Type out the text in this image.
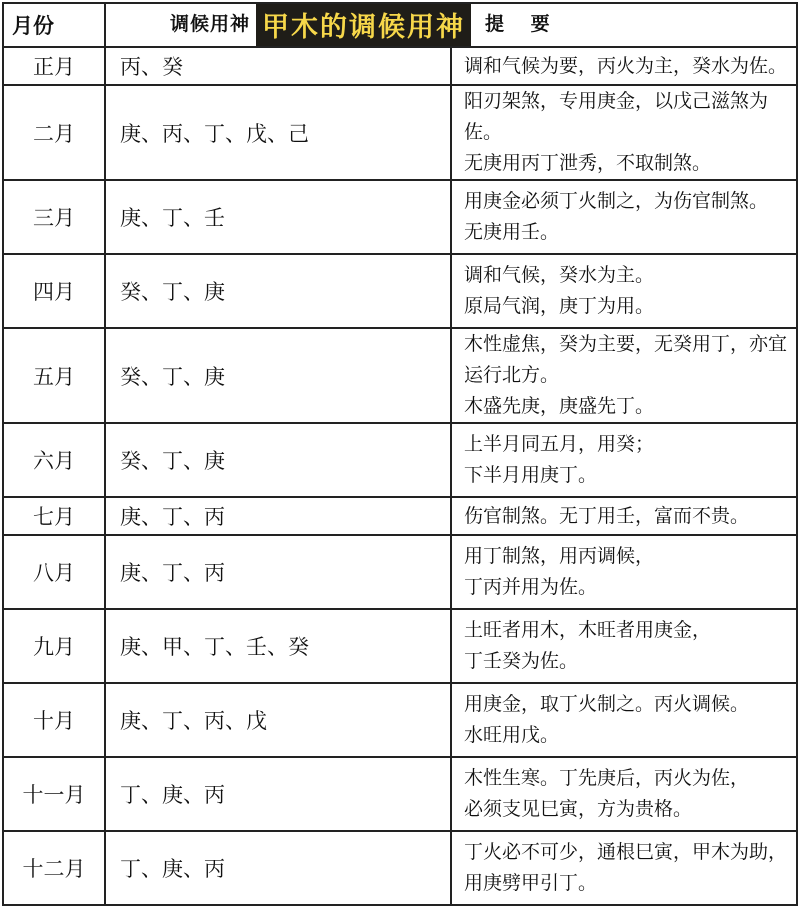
月份	调候用神 甲木的调候用神 提 要	
正月	丙、癸	调和气候为要，丙火为主，癸水为佐。

二月	庚、丙、丁、戊、己	阳刃架煞，专用庚金，以戊己滋煞为佐。
无庚用丙丁泄秀，不取制煞。

三月	庚、丁、壬	用庚金必须丁火制之，为伤官制煞。
无庚用壬。

四月	癸、丁、庚	调和气候，癸水为主。
原局气润，庚丁为用。

五月	癸、丁、庚	木性虚焦，癸为主要，无癸用丁，亦宜运行北方。
木盛先庚，庚盛先丁。

六月	癸、丁、庚	上半月同五月，用癸；
下半月用庚丁。

七月	庚、丁、丙	伤官制煞。无丁用壬，富而不贵。

八月	庚、丁、丙	用丁制煞，用丙调候，
丁丙并用为佐。

九月	庚、甲、丁、壬、癸	土旺者用木，木旺者用庚金，
丁壬癸为佐。

十月	庚、丁、丙、戊	用庚金，取丁火制之。丙火调候。
水旺用戊。

十一月	丁、庚、丙	木性生寒。丁先庚后，丙火为佐，
必须支见巳寅，方为贵格。

十二月	丁、庚、丙	丁火必不可少，通根巳寅，甲木为助，
用庚劈甲引丁。
